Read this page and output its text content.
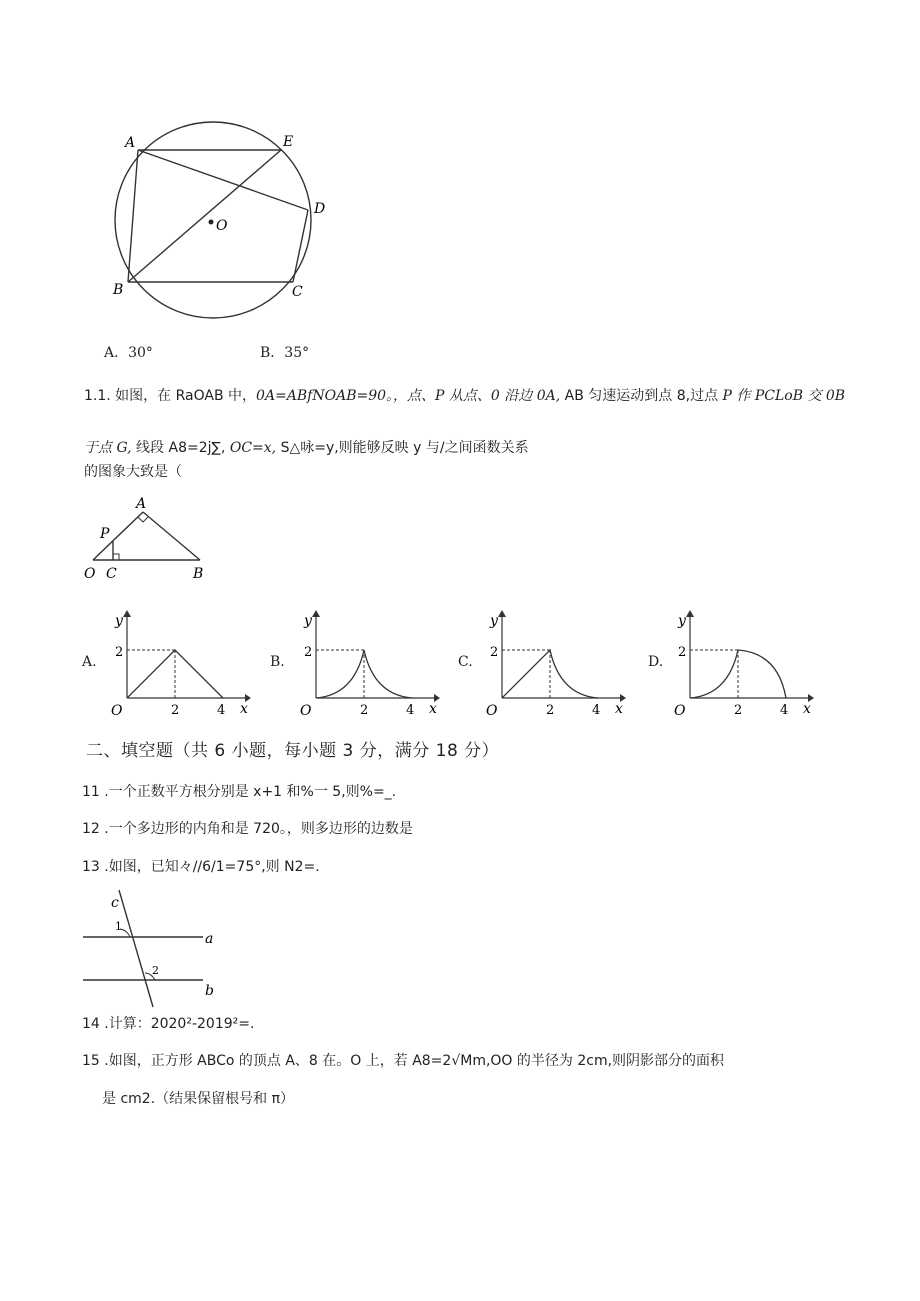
A	E
D
O
B	C
A．30°	B．35°
1.1. 如图，在 RaOAB 中，0A=ABfNOAB=90。，点、P 从点、0 沿边 0A, AB 匀速运动到点 8,过点 P 作 PCLoB 交 0B
于点 G, 线段 A8=2j∑, OC=x, S△咏=y,则能够反映 y 与/之间函数关系
的图象大致是（
A
P
O C	B
A.
y
x
O
2
2	4
B.
y
x
O
2
2	4
C.
y
x
O
2
2	4
D.
y
x
O
2
2	4
二、填空题（共 6 小题，每小题 3 分，满分 18 分）
11 .一个正数平方根分别是 x+1 和%一 5,则%=_.
12 .一个多边形的内角和是 720。，则多边形的边数是
13 .如图，已知々//6/1=75°,则 N2=.
c
1
a
2
b
14 .计算：2020²-2019²=.
15 .如图，正方形 ABCo 的顶点 A、8 在。O 上，若 A8=2√Mm,OO 的半径为 2cm,则阴影部分的面积
是 cm2.（结果保留根号和 π）
